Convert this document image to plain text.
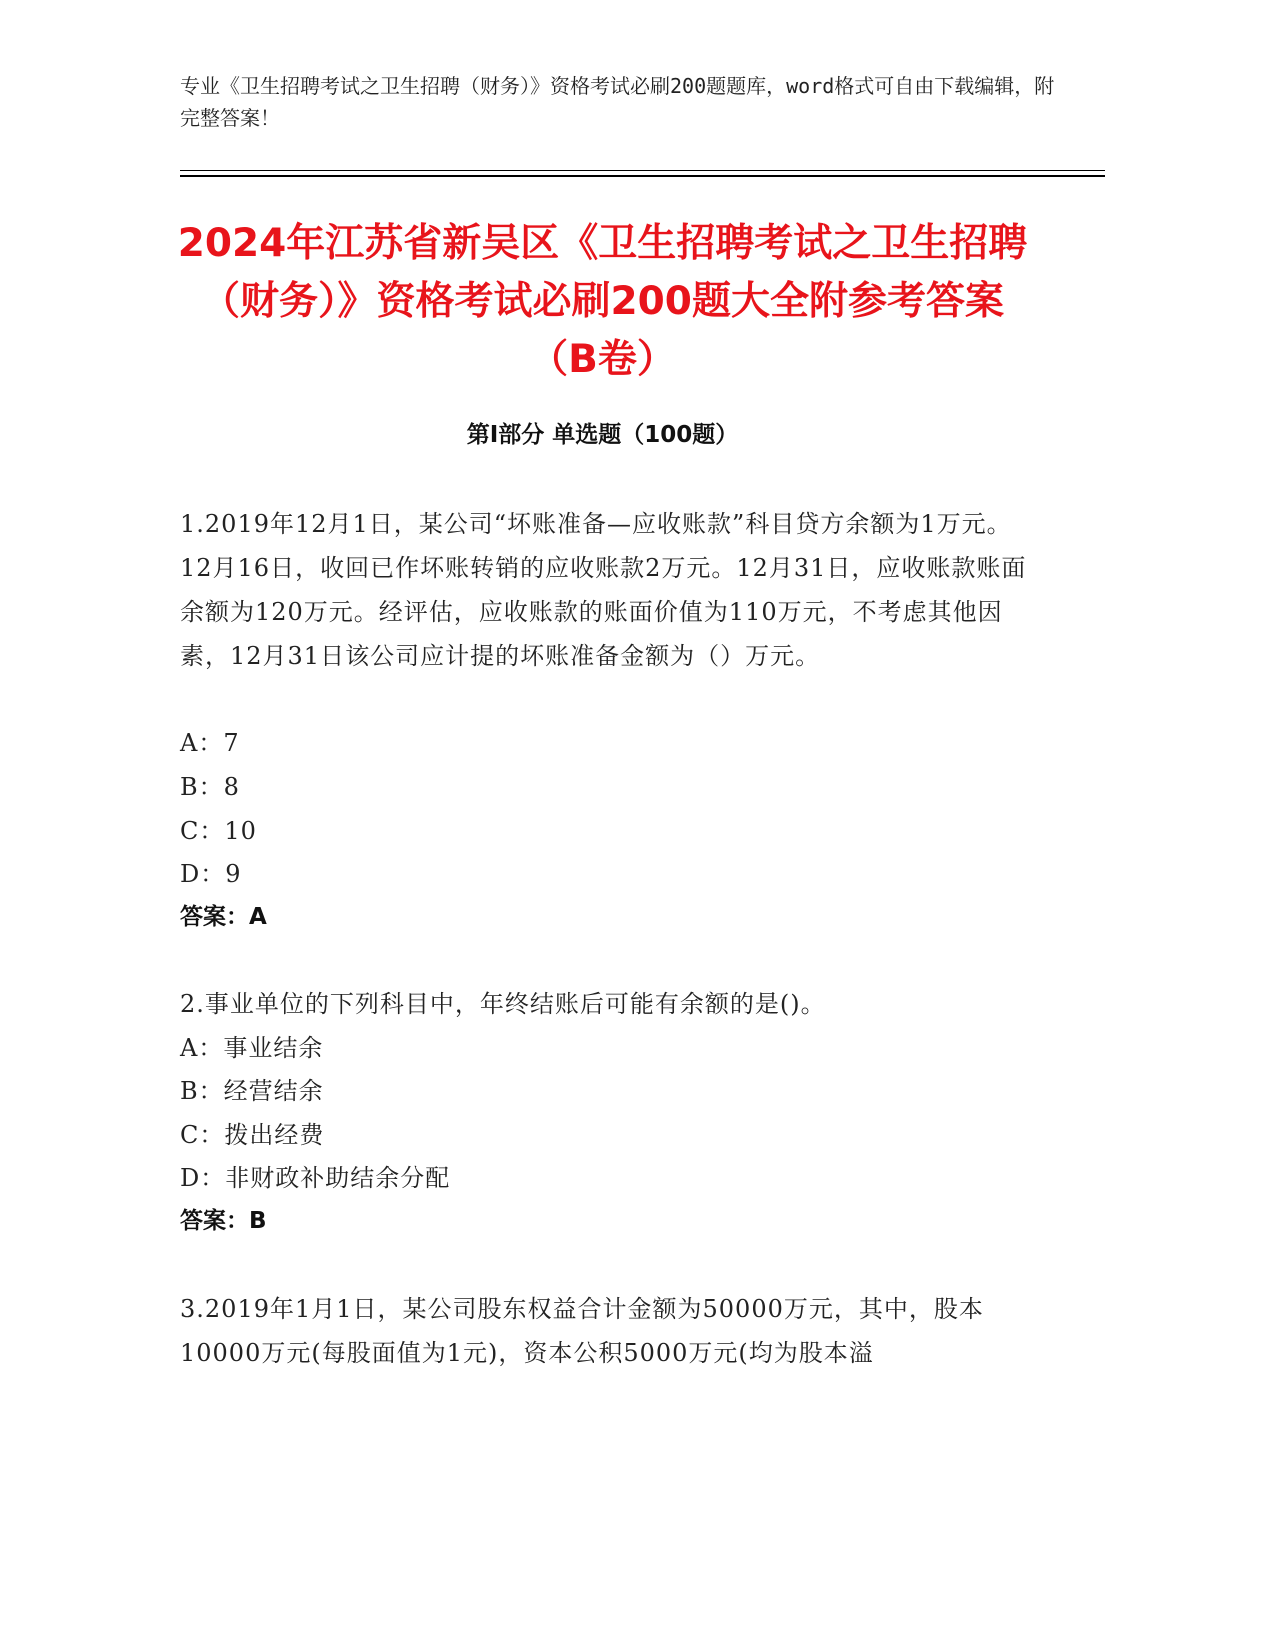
专业《卫生招聘考试之卫生招聘（财务）》资格考试必刷200题题库，word格式可自由下载编辑，附完整答案！
2024年江苏省新吴区《卫生招聘考试之卫生招聘（财务）》资格考试必刷200题大全附参考答案（B卷）
第I部分 单选题（100题）
1.2019年12月1日，某公司“坏账准备—应收账款”科目贷方余额为1万元。12月16日，收回已作坏账转销的应收账款2万元。12月31日，应收账款账面余额为120万元。经评估，应收账款的账面价值为110万元，不考虑其他因素，12月31日该公司应计提的坏账准备金额为（）万元。
A：7
B：8
C：10
D：9
答案：A
2.事业单位的下列科目中，年终结账后可能有余额的是()。
A：事业结余
B：经营结余
C：拨出经费
D：非财政补助结余分配
答案：B
3.2019年1月1日，某公司股东权益合计金额为50000万元，其中，股本10000万元(每股面值为1元)，资本公积5000万元(均为股本溢
